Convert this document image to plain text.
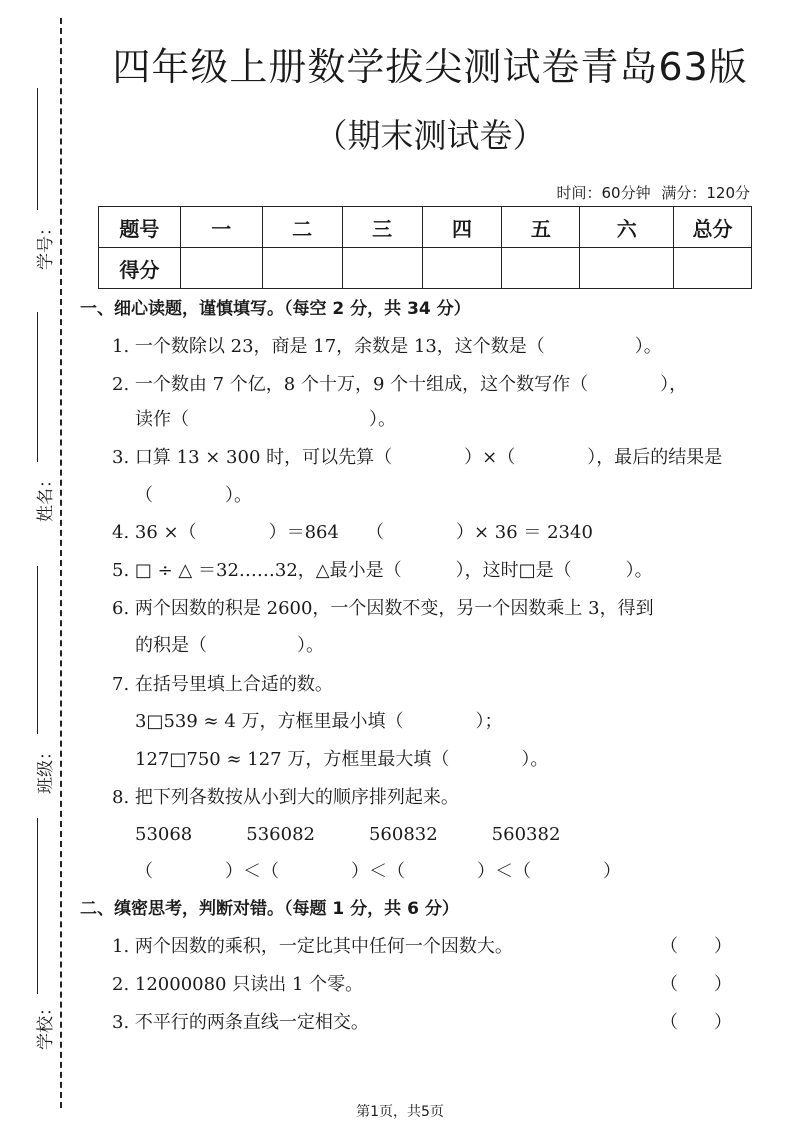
学号：
姓名：
班级：
学校：
四年级上册数学拔尖测试卷青岛63版
（期末测试卷）
时间：60分钟 满分：120分
题号	一	二	三	四	五	六	总分
得分							
一、细心读题，谨慎填写。（每空 2 分，共 34 分）
1. 一个数除以 23，商是 17，余数是 13，这个数是（　　　　　）。
2. 一个数由 7 个亿，8 个十万，9 个十组成，这个数写作（　　　　），
读作（　　　　　　　　　　）。
3. 口算 13 × 300 时，可以先算（　　　　）×（　　　　），最后的结果是
（　　　　）。
4. 36 ×（　　　　）＝864　　（　　　　）× 36 ＝ 2340
5. □ ÷ △ ＝32……32，△最小是（　　　），这时□是（　　　）。
6. 两个因数的积是 2600，一个因数不变，另一个因数乘上 3，得到
的积是（　　　　　）。
7. 在括号里填上合适的数。
3□539 ≈ 4 万，方框里最小填（　　　　）；
127□750 ≈ 127 万，方框里最大填（　　　　）。
8. 把下列各数按从小到大的顺序排列起来。
53068　　　536082　　　560832　　　560382
（　　　　）＜（　　　　）＜（　　　　）＜（　　　　）
二、缜密思考，判断对错。（每题 1 分，共 6 分）
1. 两个因数的乘积，一定比其中任何一个因数大。	（　　）
2. 12000080 只读出 1 个零。	（　　）
3. 不平行的两条直线一定相交。	（　　）
第1页，共5页
